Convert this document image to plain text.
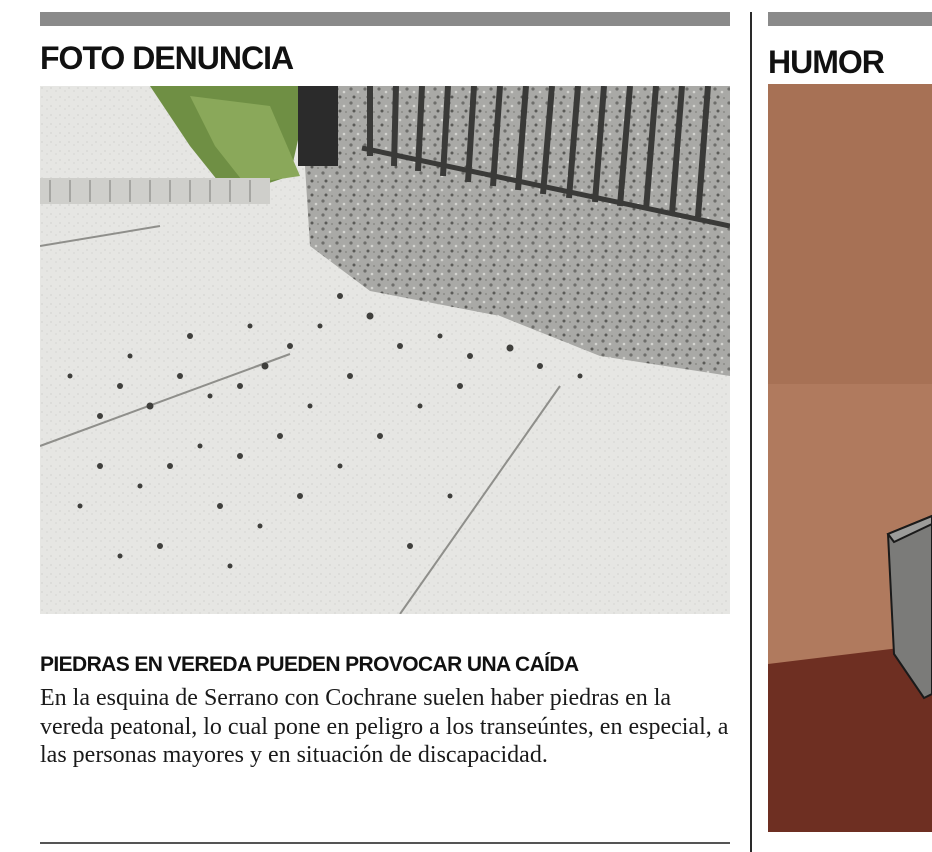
FOTO DENUNCIA	HUMOR
PIEDRAS EN VEREDA PUEDEN PROVOCAR UNA CAÍDA

En la esquina de Serrano con Cochrane suelen haber piedras en la vereda peatonal, lo cual pone en peligro a los transeúntes, en especial, a las personas mayores y en situación de discapacidad.
